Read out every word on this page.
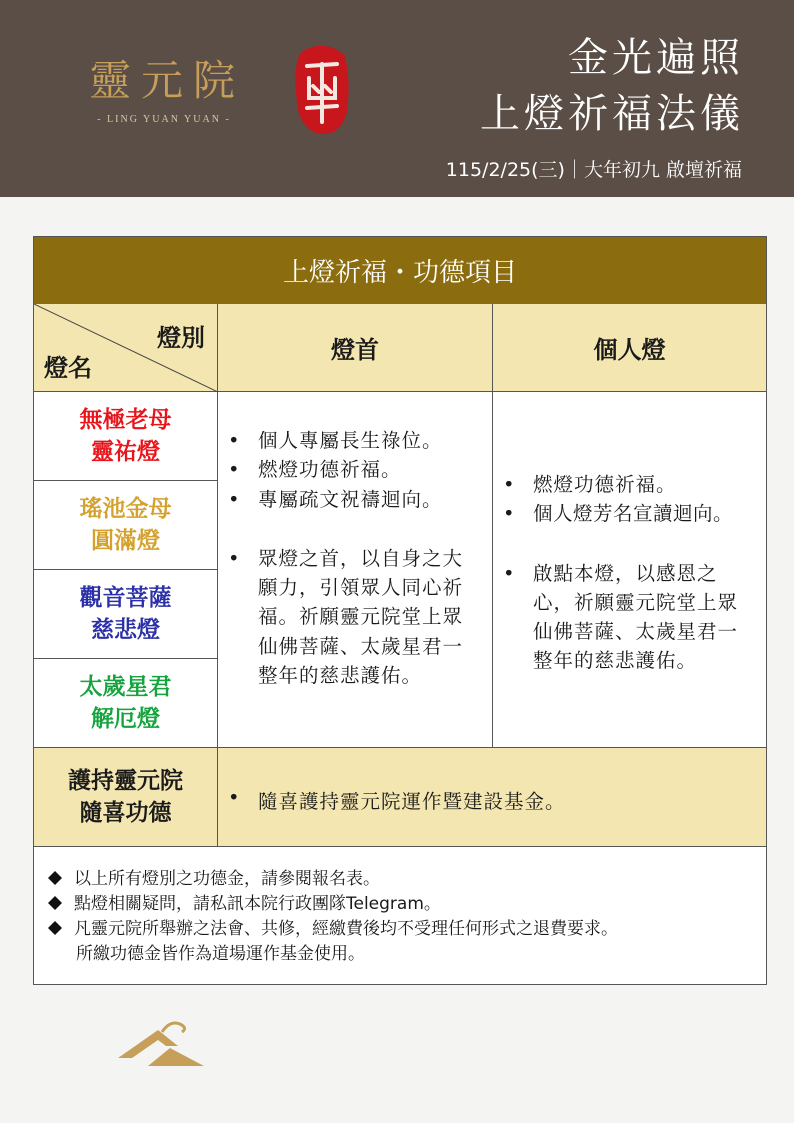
靈元院
- LING YUAN YUAN -
金光遍照
上燈祈福法儀
115/2/25(三)｜大年初九 啟壇祈福
上燈祈福・功德項目
燈別
燈名
燈首	個人燈
無極老母
靈祐燈
瑤池金母
圓滿燈
觀音菩薩
慈悲燈
太歲星君
解厄燈
• 個人專屬長生祿位。
• 燃燈功德祈福。
• 專屬疏文祝禱迴向。
• 眾燈之首，以自身之大願力，引領眾人同心祈福。祈願靈元院堂上眾仙佛菩薩、太歲星君一整年的慈悲護佑。
• 燃燈功德祈福。
• 個人燈芳名宣讀迴向。
• 啟點本燈，以感恩之心，祈願靈元院堂上眾仙佛菩薩、太歲星君一整年的慈悲護佑。
護持靈元院
隨喜功德
•	隨喜護持靈元院運作暨建設基金。
以上所有燈別之功德金，請參閱報名表。
點燈相關疑問，請私訊本院行政團隊Telegram。
凡靈元院所舉辦之法會、共修，經繳費後均不受理任何形式之退費要求。
所繳功德金皆作為道場運作基金使用。
